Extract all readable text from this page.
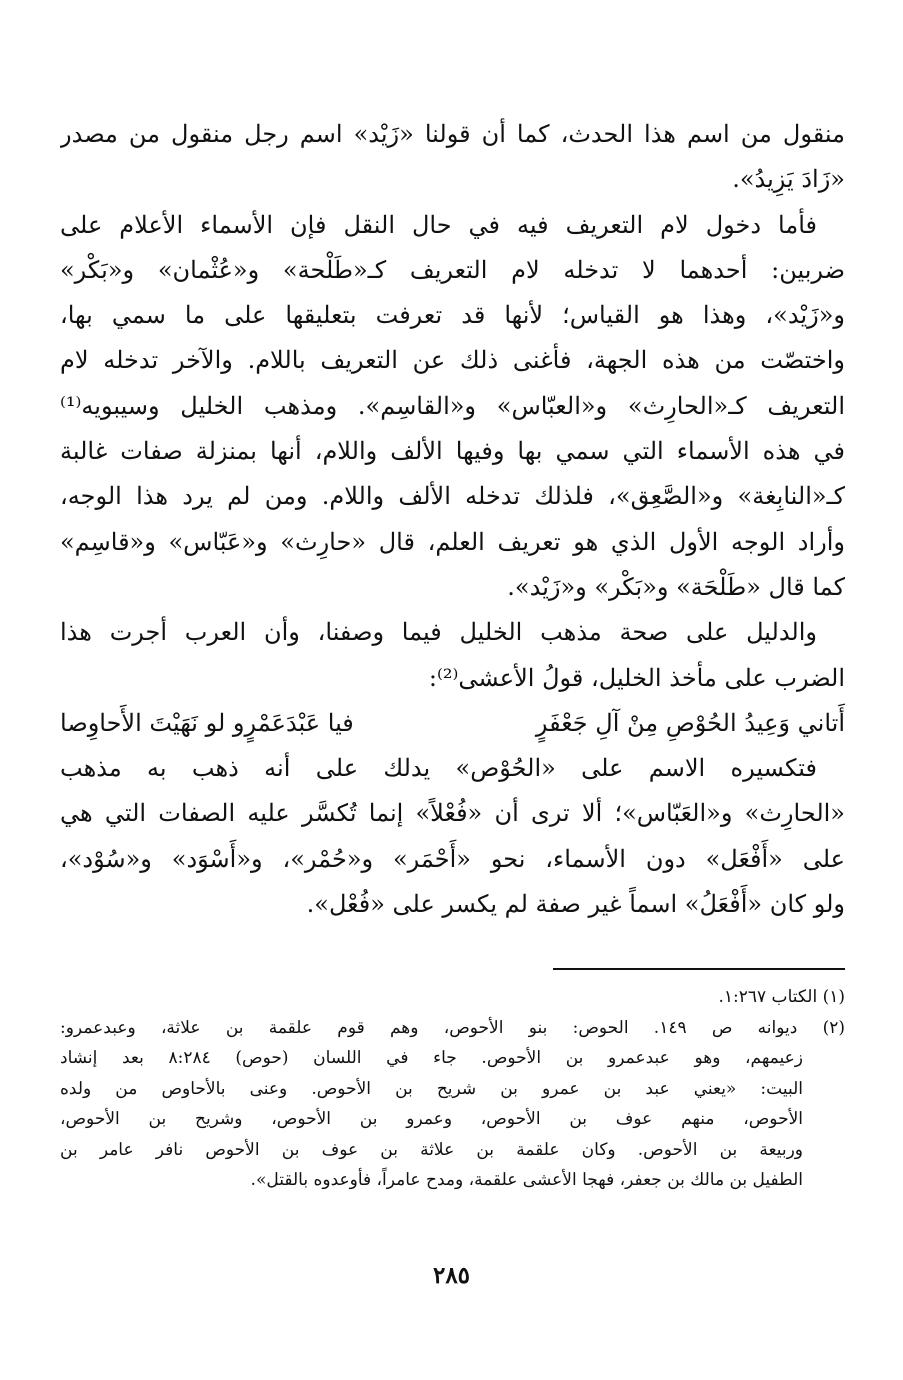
منقول من اسم هذا الحدث، كما أن قولنا «زَيْد» اسم رجل منقول من مصدر
«زَادَ يَزِيدُ».
فأما دخول لام التعريف فيه في حال النقل فإن الأسماء الأعلام على
ضربين: أحدهما لا تدخله لام التعريف كـ«طَلْحة» و«عُثْمان» و«بَكْر»
و«زَيْد»، وهذا هو القياس؛ لأنها قد تعرفت بتعليقها على ما سمي بها،
واختصّت من هذه الجهة، فأغنى ذلك عن التعريف باللام. والآخر تدخله لام
التعريف كـ«الحارِث» و«العبّاس» و«القاسِم». ومذهب الخليل وسيبويه⁽¹⁾
في هذه الأسماء التي سمي بها وفيها الألف واللام، أنها بمنزلة صفات غالبة
كـ«النابِغة» و«الصَّعِق»، فلذلك تدخله الألف واللام. ومن لم يرد هذا الوجه،
وأراد الوجه الأول الذي هو تعريف العلم، قال «حارِث» و«عَبّاس» و«قاسِم»
كما قال «طَلْحَة» و«بَكْر» و«زَيْد».
والدليل على صحة مذهب الخليل فيما وصفنا، وأن العرب أجرت هذا
الضرب على مأخذ الخليل، قولُ الأعشى⁽²⁾:
أَتاني وَعِيدُ الحُوْصِ مِنْ آلِ جَعْفَرٍ
فيا عَبْدَعَمْرٍو لو نَهَيْتَ الأَحاوِصا
فتكسيره الاسم على «الحُوْص» يدلك على أنه ذهب به مذهب
«الحارِث» و«العَبّاس»؛ ألا ترى أن «فُعْلاً» إنما تُكسَّر عليه الصفات التي هي
على «أَفْعَل» دون الأسماء، نحو «أَحْمَر» و«حُمْر»، و«أَسْوَد» و«سُوْد»،
ولو كان «أَفْعَلُ» اسماً غير صفة لم يكسر على «فُعْل».
(١) الكتاب ١:٢٦٧.
(٢) ديوانه ص ١٤٩. الحوص: بنو الأحوص، وهم قوم علقمة بن علاثة، وعبدعمرو:
زعيمهم، وهو عبدعمرو بن الأحوص. جاء في اللسان (حوص) ٨:٢٨٤ بعد إنشاد
البيت: «يعني عبد بن عمرو بن شريح بن الأحوص. وعنى بالأحاوص من ولده
الأحوص، منهم عوف بن الأحوص، وعمرو بن الأحوص، وشريح بن الأحوص،
وربيعة بن الأحوص. وكان علقمة بن علاثة بن عوف بن الأحوص نافر عامر بن
الطفيل بن مالك بن جعفر، فهجا الأعشى علقمة، ومدح عامراً، فأوعدوه بالقتل».
٢٨٥
